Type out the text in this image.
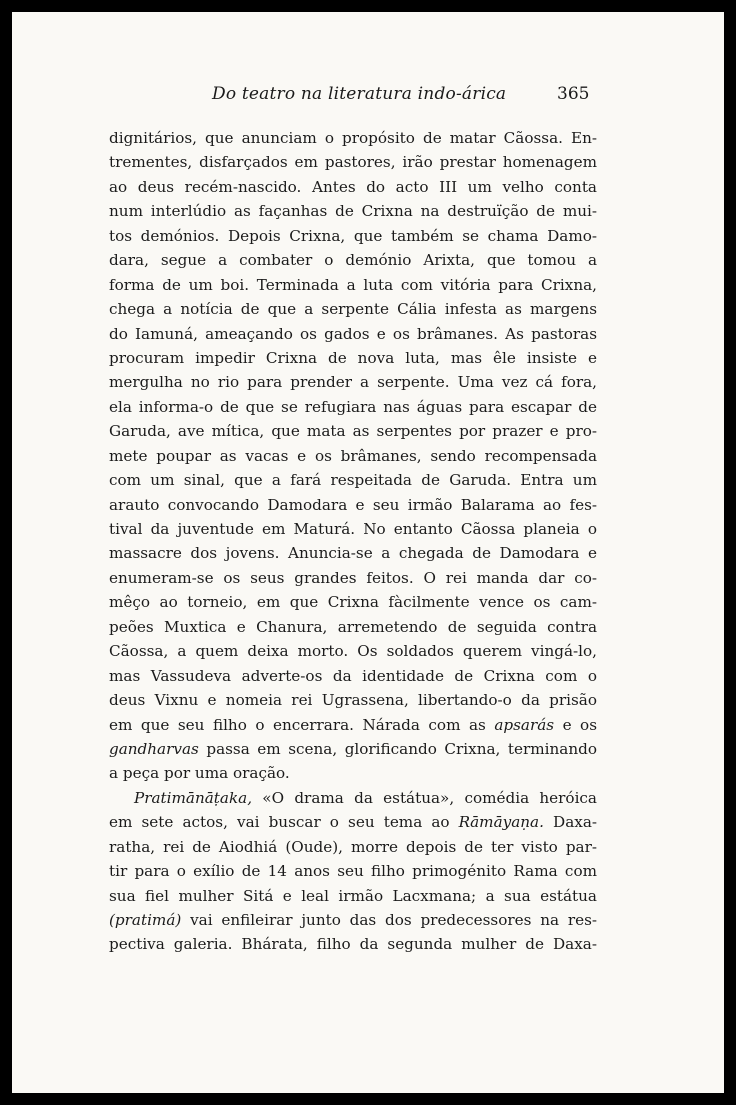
Do teatro na literatura indo-árica	365
dignitários, que anunciam o propósito de matar Cãossa. En-
trementes, disfarçados em pastores, irão prestar homenagem
ao deus recém-nascido. Antes do acto III um velho conta
num interlúdio as façanhas de Crixna na destruïção de mui-
tos demónios. Depois Crixna, que também se chama Damo-
dara, segue a combater o demónio Arixta, que tomou a
forma de um boi. Terminada a luta com vitória para Crixna,
chega a notícia de que a serpente Cália infesta as margens
do Iamuná, ameaçando os gados e os brâmanes. As pastoras
procuram impedir Crixna de nova luta, mas êle insiste e
mergulha no rio para prender a serpente. Uma vez cá fora,
ela informa-o de que se refugiara nas águas para escapar de
Garuda, ave mítica, que mata as serpentes por prazer e pro-
mete poupar as vacas e os brâmanes, sendo recompensada
com um sinal, que a fará respeitada de Garuda. Entra um
arauto convocando Damodara e seu irmão Balarama ao fes-
tival da juventude em Maturá. No entanto Cãossa planeia o
massacre dos jovens. Anuncia-se a chegada de Damodara e
enumeram-se os seus grandes feitos. O rei manda dar co-
mêço ao torneio, em que Crixna fàcilmente vence os cam-
peões Muxtica e Chanura, arremetendo de seguida contra
Cãossa, a quem deixa morto. Os soldados querem vingá-lo,
mas Vassudeva adverte-os da identidade de Crixna com o
deus Vixnu e nomeia rei Ugrassena, libertando-o da prisão
em que seu filho o encerrara. Nárada com as apsarás e os
gandharvas passa em scena, glorificando Crixna, terminando
a peça por uma oração.
Pratimānāṭaka, «O drama da estátua», comédia heróica
em sete actos, vai buscar o seu tema ao Rāmāyaṇa. Daxa-
ratha, rei de Aiodhiá (Oude), morre depois de ter visto par-
tir para o exílio de 14 anos seu filho primogénito Rama com
sua fiel mulher Sitá e leal irmão Lacxmana; a sua estátua
(pratimá) vai enfileirar junto das dos predecessores na res-
pectiva galeria. Bhárata, filho da segunda mulher de Daxa-
